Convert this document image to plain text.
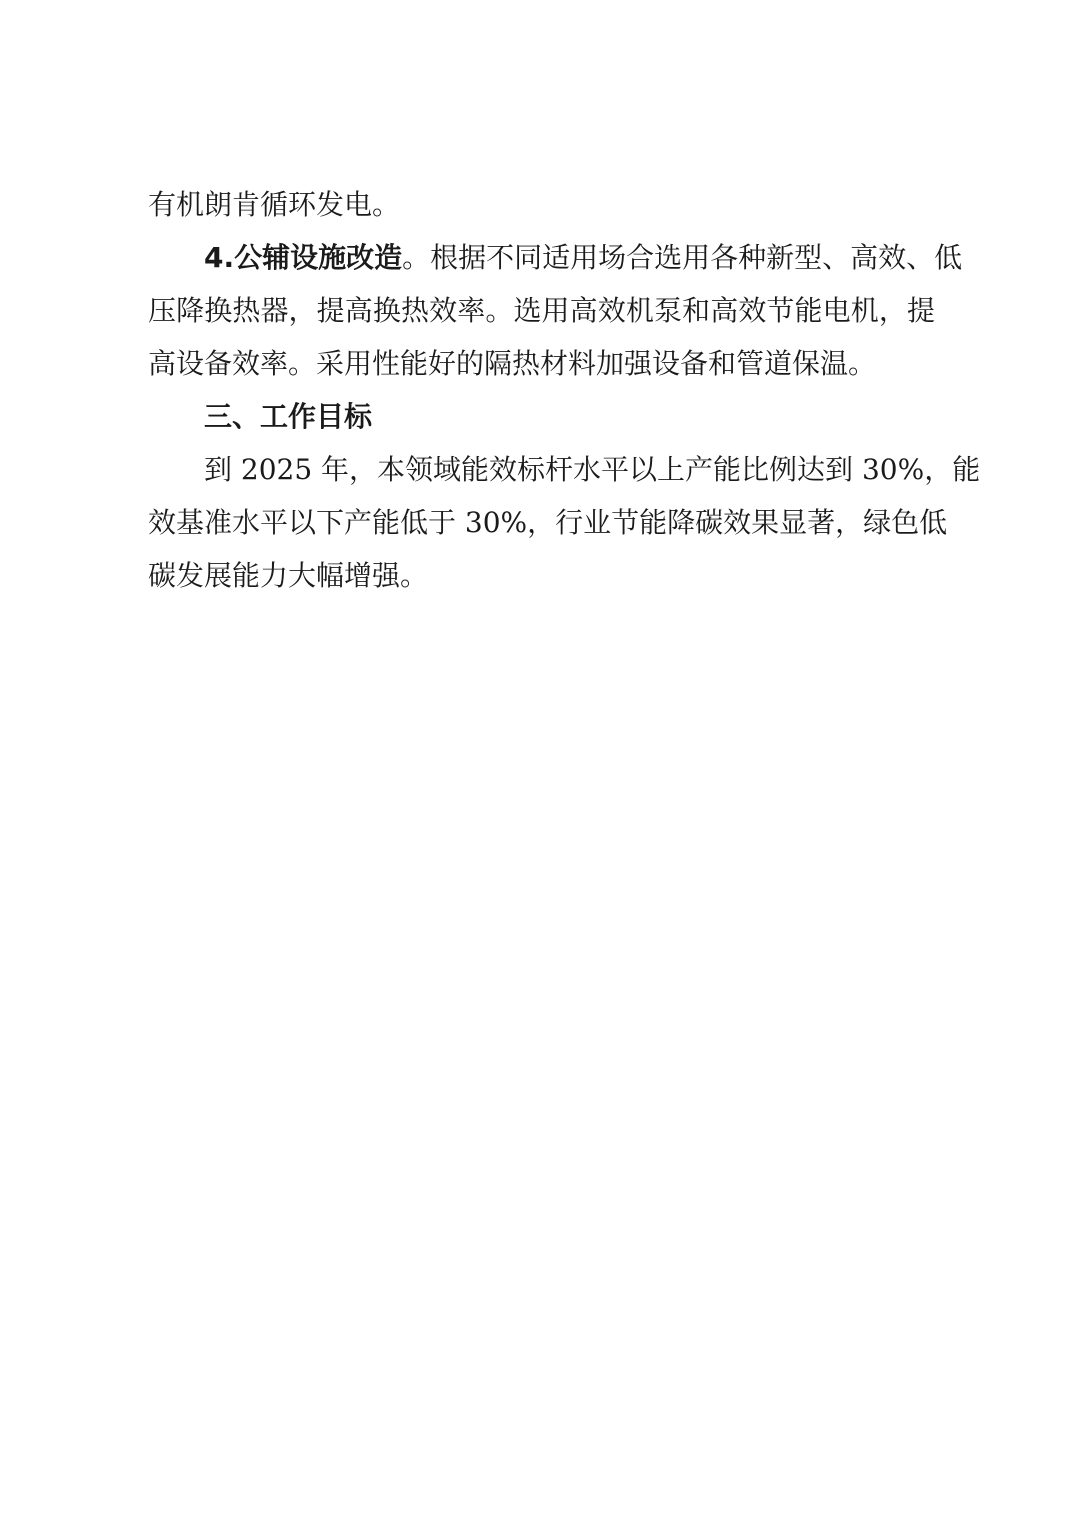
有机朗肯循环发电。
4.公辅设施改造。根据不同适用场合选用各种新型、高效、低
压降换热器，提高换热效率。选用高效机泵和高效节能电机，提
高设备效率。采用性能好的隔热材料加强设备和管道保温。
三、工作目标
到 2025 年，本领域能效标杆水平以上产能比例达到 30%，能
效基准水平以下产能低于 30%，行业节能降碳效果显著，绿色低
碳发展能力大幅增强。
